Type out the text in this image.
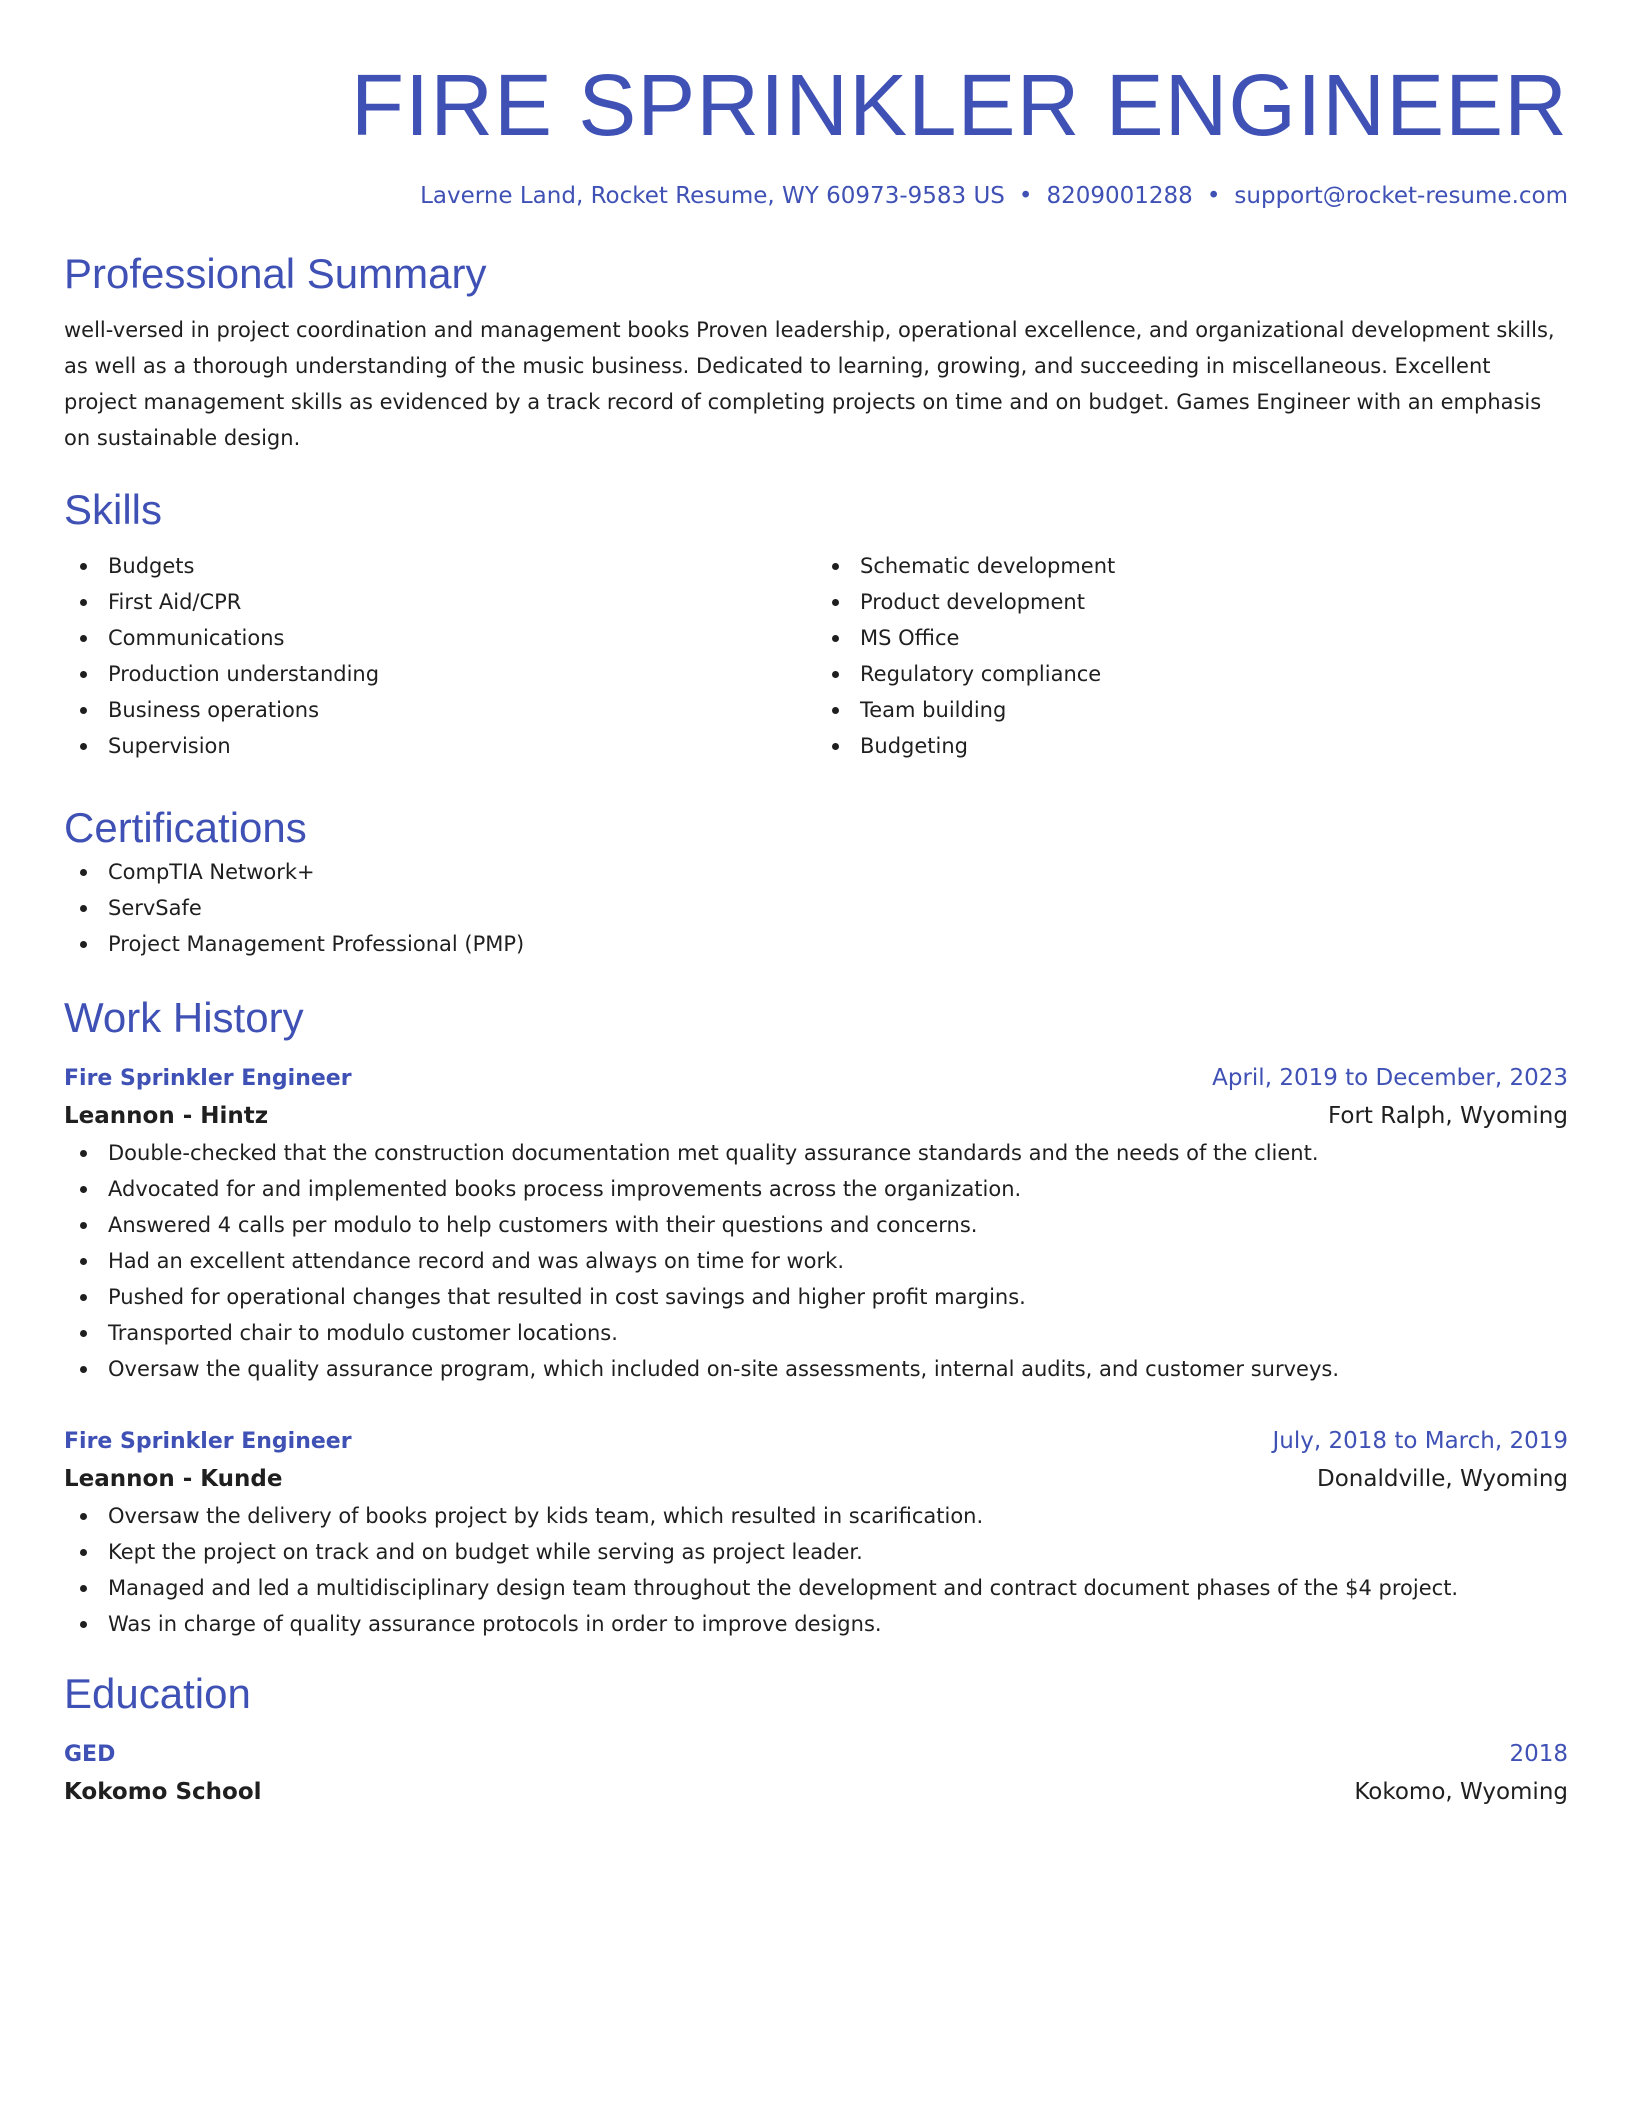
FIRE SPRINKLER ENGINEER
Laverne Land, Rocket Resume, WY 60973-9583 US • 8209001288 • support@rocket-resume.com
Professional Summary

well-versed in project coordination and management books Proven leadership, operational excellence, and organizational development skills, as well as a thorough understanding of the music business. Dedicated to learning, growing, and succeeding in miscellaneous. Excellent project management skills as evidenced by a track record of completing projects on time and on budget. Games Engineer with an emphasis on sustainable design.

Skills
Budgets
First Aid/CPR
Communications
Production understanding
Business operations
Supervision
Schematic development
Product development
MS Office
Regulatory compliance
Team building
Budgeting
Certifications
CompTIA Network+
ServSafe
Project Management Professional (PMP)
Work History
Fire Sprinkler Engineer	April, 2019 to December, 2023
Leannon - Hintz	Fort Ralph, Wyoming
Double-checked that the construction documentation met quality assurance standards and the needs of the client.
Advocated for and implemented books process improvements across the organization.
Answered 4 calls per modulo to help customers with their questions and concerns.
Had an excellent attendance record and was always on time for work.
Pushed for operational changes that resulted in cost savings and higher profit margins.
Transported chair to modulo customer locations.
Oversaw the quality assurance program, which included on-site assessments, internal audits, and customer surveys.
Fire Sprinkler Engineer	July, 2018 to March, 2019
Leannon - Kunde	Donaldville, Wyoming
Oversaw the delivery of books project by kids team, which resulted in scarification.
Kept the project on track and on budget while serving as project leader.
Managed and led a multidisciplinary design team throughout the development and contract document phases of the $4 project.
Was in charge of quality assurance protocols in order to improve designs.
Education
GED	2018
Kokomo School	Kokomo, Wyoming
